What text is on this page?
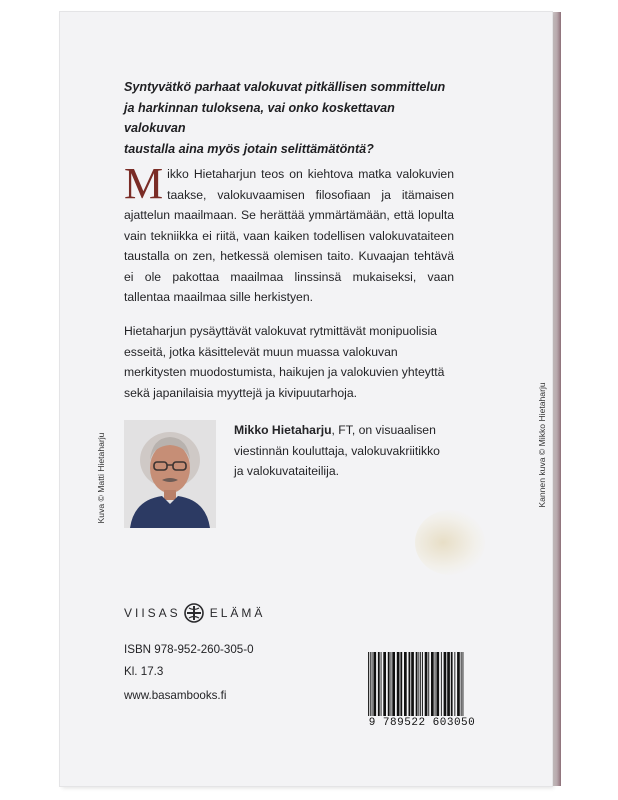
Syntyvätkö parhaat valokuvat pitkällisen sommittelun
ja harkinnan tuloksena, vai onko koskettavan valokuvan
taustalla aina myös jotain selittämätöntä?

Mikko Hietaharjun teos on kiehtova matka valokuvien taakse, valokuvaamisen filosofiaan ja itämaisen ajattelun maailmaan. Se herättää ymmärtämään, että lopulta vain tekniikka ei riitä, vaan kaiken todellisen valokuvataiteen taustalla on zen, hetkessä olemisen taito. Kuvaajan tehtävä ei ole pakottaa maailmaa linssinsä mukaiseksi, vaan tallentaa maailmaa sille herkistyen.

Hietaharjun pysäyttävät valokuvat rytmittävät monipuolisia esseitä, jotka käsittelevät muun muassa valokuvan merkitysten muodostumista, haikujen ja valokuvien yhteyttä sekä japanilaisia myyttejä ja kivipuutarhoja.

Kuva © Matti Hietaharju
Mikko Hietaharju, FT, on visuaalisen viestinnän kouluttaja, valokuvakriitikko ja valokuvataiteilija.	Kannen kuva © Mikko Hietaharju
VIISAS ELÄMÄ
ISBN 978-952-260-305-0
Kl. 17.3
www.basambooks.fi
9 789522 603050
